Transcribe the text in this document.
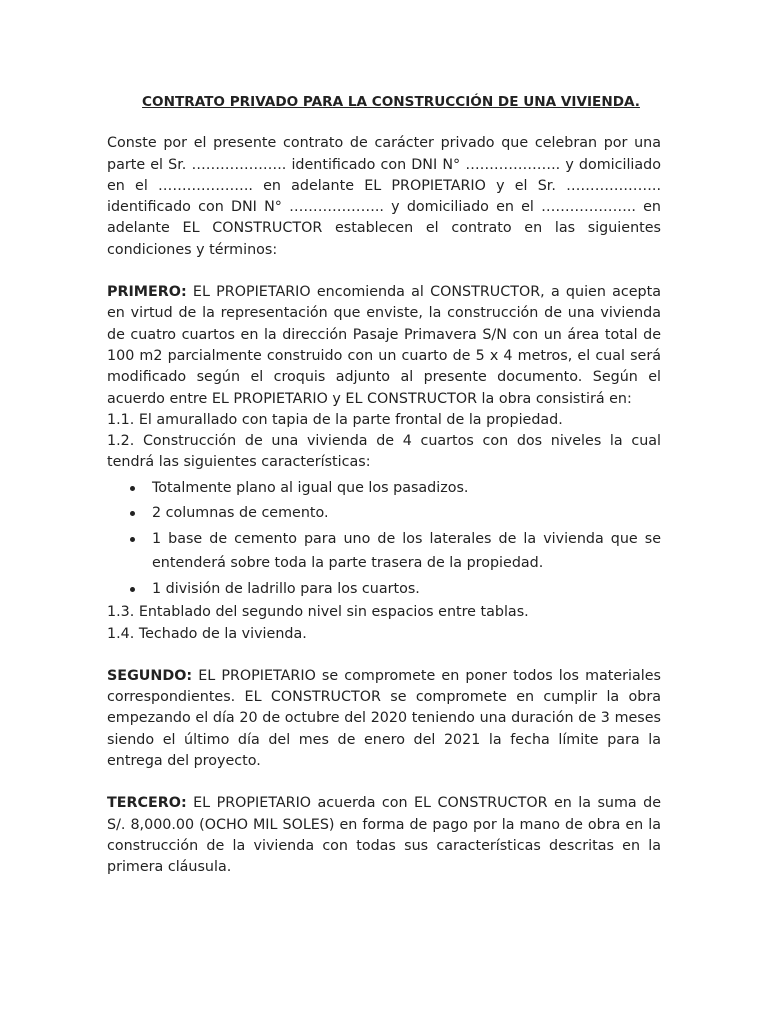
CONTRATO PRIVADO PARA LA CONSTRUCCIÓN DE UNA VIVIENDA.

Conste por el presente contrato de carácter privado que celebran por una parte el Sr. ……………….. identificado con DNI N° ……………….. y domiciliado en el ……………….. en adelante EL PROPIETARIO y el Sr. ……………….. identificado con DNI N° ……………….. y domiciliado en el ……………….. en adelante EL CONSTRUCTOR establecen el contrato en las siguientes condiciones y términos:

PRIMERO: EL PROPIETARIO encomienda al CONSTRUCTOR, a quien acepta en virtud de la representación que enviste, la construcción de una vivienda de cuatro cuartos en la dirección Pasaje Primavera S/N con un área total de 100 m2 parcialmente construido con un cuarto de 5 x 4 metros, el cual será modificado según el croquis adjunto al presente documento. Según el acuerdo entre EL PROPIETARIO y EL CONSTRUCTOR la obra consistirá en:

1.1. El amurallado con tapia de la parte frontal de la propiedad.

1.2. Construcción de una vivienda de 4 cuartos con dos niveles la cual tendrá las siguientes características:

Totalmente plano al igual que los pasadizos.
2 columnas de cemento.
1 base de cemento para uno de los laterales de la vivienda que se entenderá sobre toda la parte trasera de la propiedad.
1 división de ladrillo para los cuartos.

1.3. Entablado del segundo nivel sin espacios entre tablas.

1.4. Techado de la vivienda.

SEGUNDO: EL PROPIETARIO se compromete en poner todos los materiales correspondientes. EL CONSTRUCTOR se compromete en cumplir la obra empezando el día 20 de octubre del 2020 teniendo una duración de 3 meses siendo el último día del mes de enero del 2021 la fecha límite para la entrega del proyecto.

TERCERO: EL PROPIETARIO acuerda con EL CONSTRUCTOR en la suma de S/. 8,000.00 (OCHO MIL SOLES) en forma de pago por la mano de obra en la construcción de la vivienda con todas sus características descritas en la primera cláusula.
